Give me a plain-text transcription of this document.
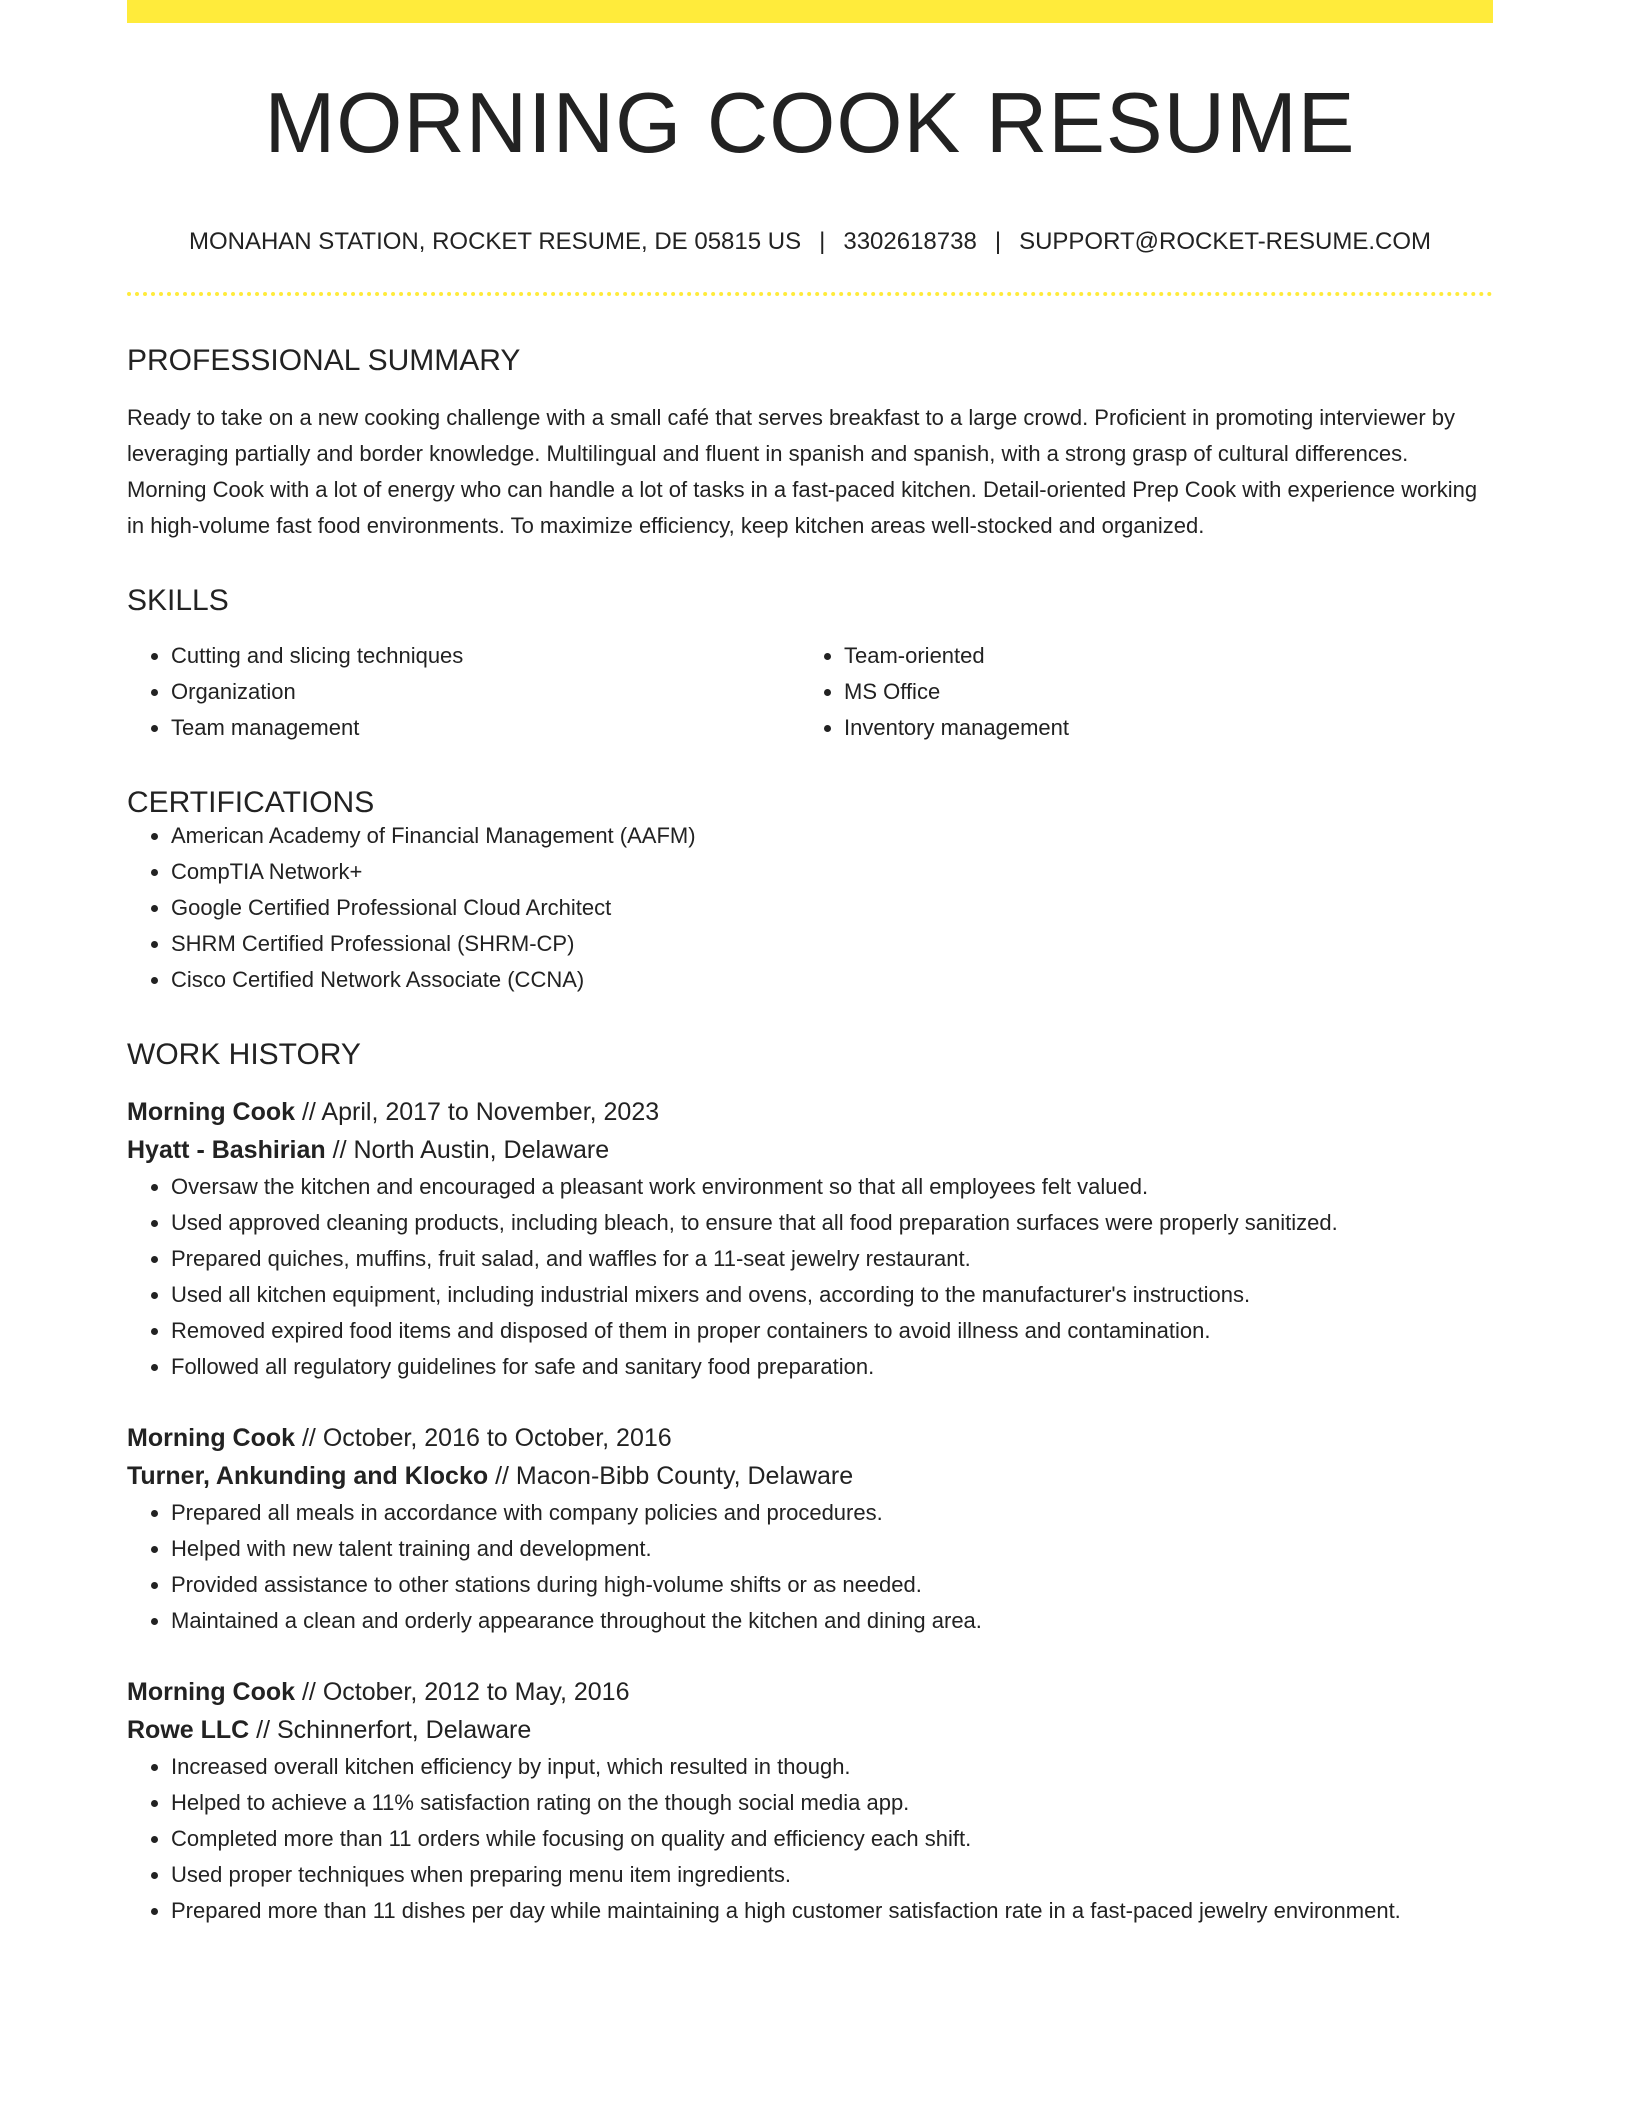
MORNING COOK RESUME
MONAHAN STATION, ROCKET RESUME, DE 05815 US | 3302618738 | SUPPORT@ROCKET-RESUME.COM
PROFESSIONAL SUMMARY
Ready to take on a new cooking challenge with a small café that serves breakfast to a large crowd. Proficient in promoting interviewer by leveraging partially and border knowledge. Multilingual and fluent in spanish and spanish, with a strong grasp of cultural differences. Morning Cook with a lot of energy who can handle a lot of tasks in a fast-paced kitchen. Detail-oriented Prep Cook with experience working in high-volume fast food environments. To maximize efficiency, keep kitchen areas well-stocked and organized.
SKILLS
• Cutting and slicing techniques
• Organization
• Team management
• Team-oriented
• MS Office
• Inventory management
CERTIFICATIONS
• American Academy of Financial Management (AAFM)
• CompTIA Network+
• Google Certified Professional Cloud Architect
• SHRM Certified Professional (SHRM-CP)
• Cisco Certified Network Associate (CCNA)
WORK HISTORY
Morning Cook // April, 2017 to November, 2023
Hyatt - Bashirian // North Austin, Delaware
• Oversaw the kitchen and encouraged a pleasant work environment so that all employees felt valued.
• Used approved cleaning products, including bleach, to ensure that all food preparation surfaces were properly sanitized.
• Prepared quiches, muffins, fruit salad, and waffles for a 11-seat jewelry restaurant.
• Used all kitchen equipment, including industrial mixers and ovens, according to the manufacturer's instructions.
• Removed expired food items and disposed of them in proper containers to avoid illness and contamination.
• Followed all regulatory guidelines for safe and sanitary food preparation.
Morning Cook // October, 2016 to October, 2016
Turner, Ankunding and Klocko // Macon-Bibb County, Delaware
• Prepared all meals in accordance with company policies and procedures.
• Helped with new talent training and development.
• Provided assistance to other stations during high-volume shifts or as needed.
• Maintained a clean and orderly appearance throughout the kitchen and dining area.
Morning Cook // October, 2012 to May, 2016
Rowe LLC // Schinnerfort, Delaware
• Increased overall kitchen efficiency by input, which resulted in though.
• Helped to achieve a 11% satisfaction rating on the though social media app.
• Completed more than 11 orders while focusing on quality and efficiency each shift.
• Used proper techniques when preparing menu item ingredients.
• Prepared more than 11 dishes per day while maintaining a high customer satisfaction rate in a fast-paced jewelry environment.
